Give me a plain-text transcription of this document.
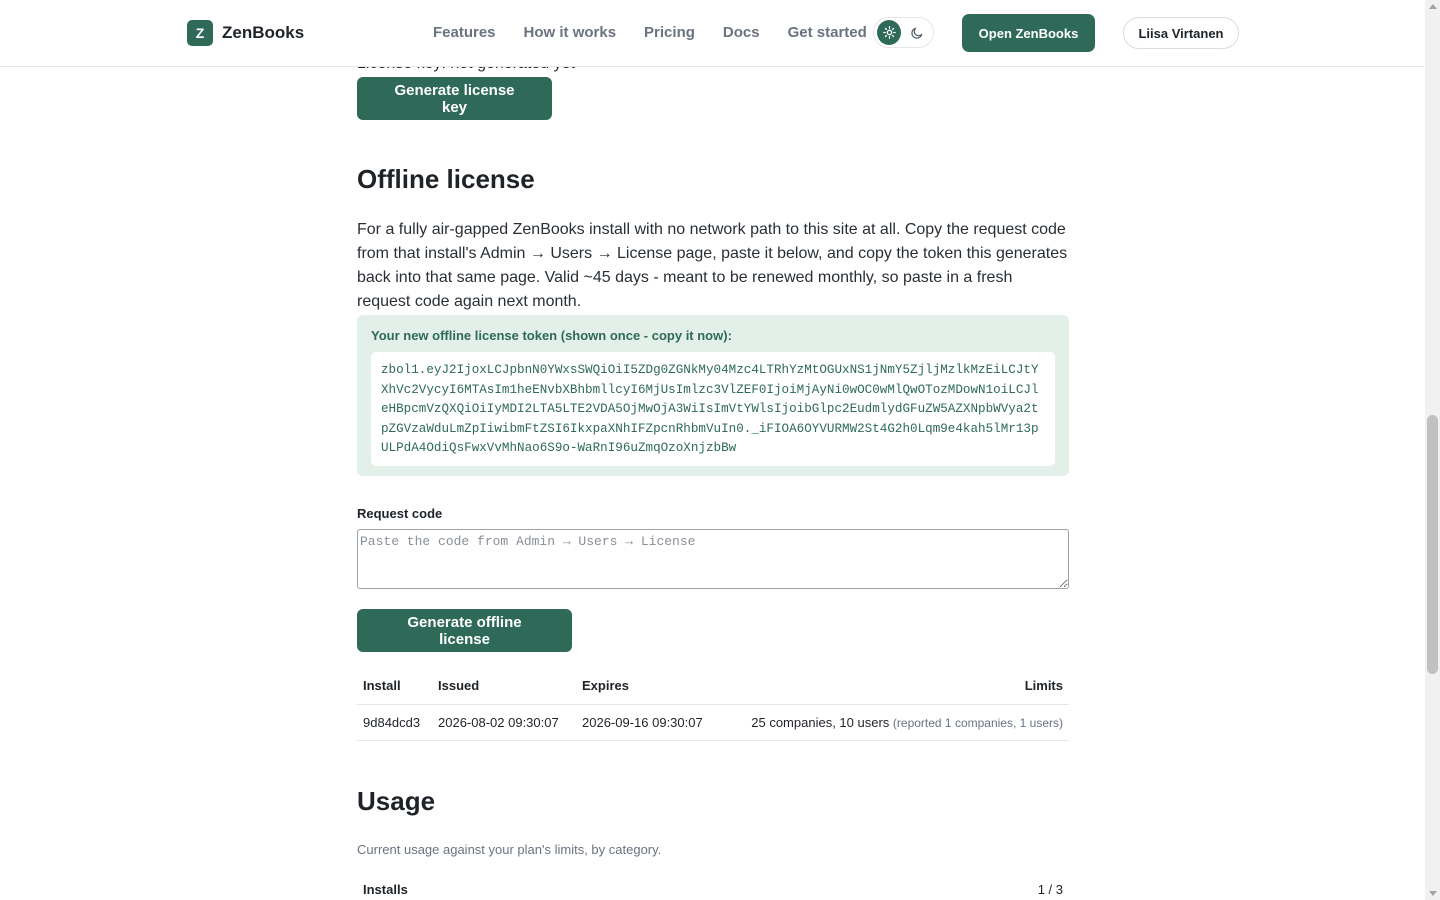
Z	ZenBooks	Features How it works Pricing Docs Get started	Open ZenBooks	Liisa Virtanen
Generate license key
Offline license

For a fully air-gapped ZenBooks install with no network path to this site at all. Copy the request code from that install's Admin → Users → License page, paste it below, and copy the token this generates back into that same page. Valid ~45 days - meant to be renewed monthly, so paste in a fresh request code again next month.

Your new offline license token (shown once - copy it now):
zbol1.eyJ2IjoxLCJpbnN0YWxsSWQiOiI5ZDg0ZGNkMy04Mzc4LTRhYzMtOGUxNS1jNmY5ZjljMzlkMzEiLCJtYXhVc2VycyI6MTAsIm1heENvbXBhbmllcyI6MjUsImlzc3VlZEF0IjoiMjAyNi0wOC0wMlQwOTozMDowN1oiLCJleHBpcmVzQXQiOiIyMDI2LTA5LTE2VDA5OjMwOjA3WiIsImVtYWlsIjoibGlpc2EudmlydGFuZW5AZXNpbWVya2tpZGVzaWduLmZpIiwibmFtZSI6IkxpaXNhIFZpcnRhbmVuIn0._iFIOA6OYVURMW2St4G2h0Lqm9e4kah5lMr13pULPdA4OdiQsFwxVvMhNao6S9o-WaRnI96uZmqOzoXnjzbBw
Request code
Paste the code from Admin → Users → License
Generate offline license
Install	Issued	Expires	Limits
9d84dcd3	2026-08-02 09:30:07	2026-09-16 09:30:07	25 companies, 10 users (reported 1 companies, 1 users)
Usage

Current usage against your plan's limits, by category.

Installs	1 / 3
